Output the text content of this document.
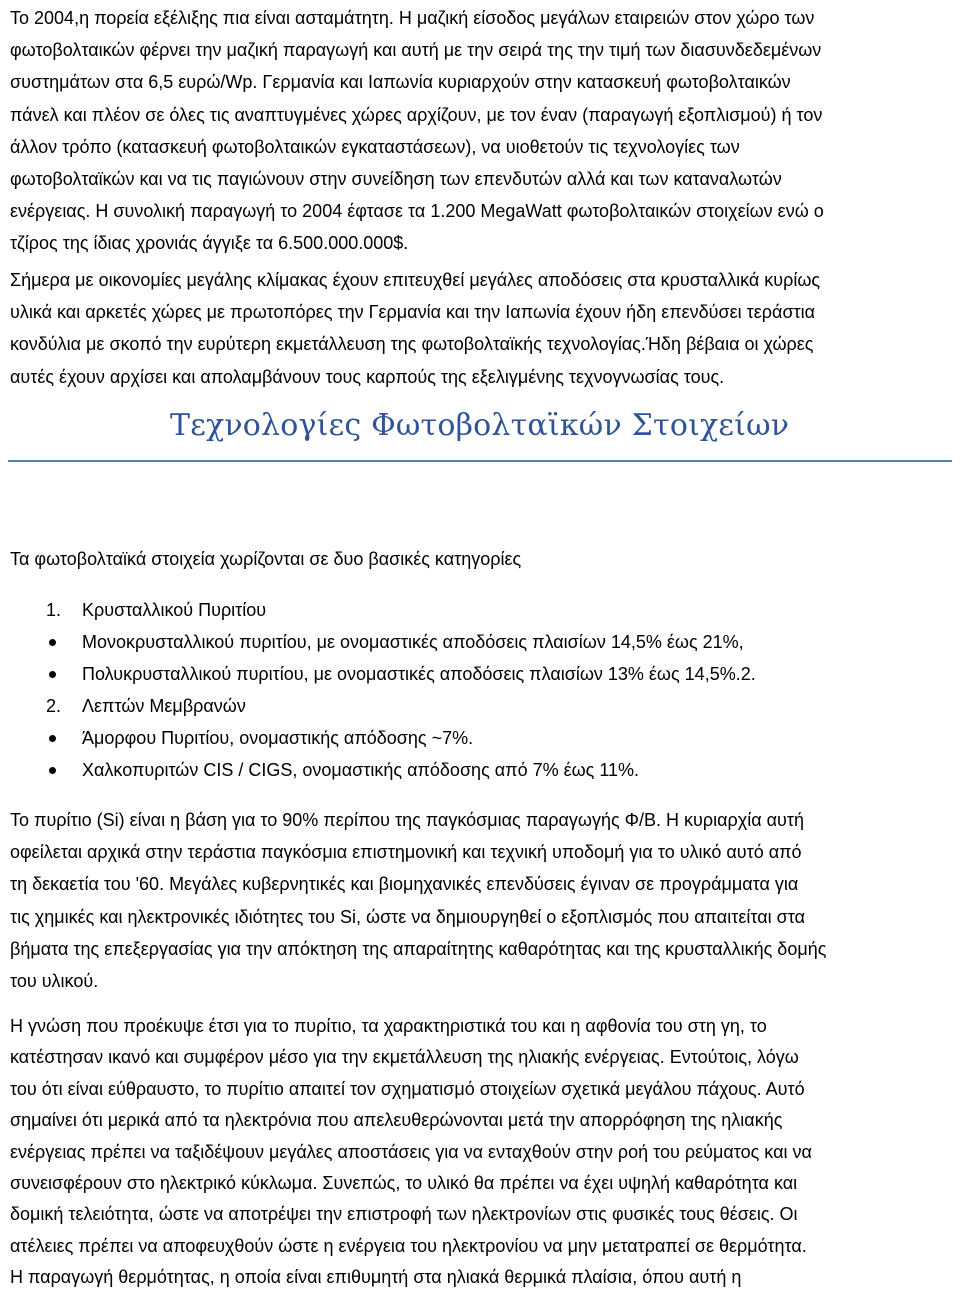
Το 2004,η πορεία εξέλιξης πια είναι ασταμάτητη. Η μαζική είσοδος μεγάλων εταιρειών στον χώρο των
φωτοβολταικών φέρνει την μαζική παραγωγή και αυτή με την σειρά της την τιμή των διασυνδεδεμένων
συστημάτων στα 6,5 ευρώ/Wp. Γερμανία και Ιαπωνία κυριαρχούν στην κατασκευή φωτοβολταικών
πάνελ και πλέον σε όλες τις αναπτυγμένες χώρες αρχίζουν, με τον έναν (παραγωγή εξοπλισμού) ή τον
άλλον τρόπο (κατασκευή φωτοβολταικών εγκαταστάσεων), να υιοθετούν τις τεχνολογίες των
φωτοβολταϊκών και να τις παγιώνουν στην συνείδηση των επενδυτών αλλά και των καταναλωτών
ενέργειας. Η συνολική παραγωγή το 2004 έφτασε τα 1.200 MegaWatt φωτοβολταικών στοιχείων ενώ ο
τζίρος της ίδιας χρονιάς άγγιξε τα 6.500.000.000$.

Σήμερα με οικονομίες μεγάλης κλίμακας έχουν επιτευχθεί μεγάλες αποδόσεις στα κρυσταλλικά κυρίως
υλικά και αρκετές χώρες με πρωτοπόρες την Γερμανία και την Ιαπωνία έχουν ήδη επενδύσει τεράστια
κονδύλια με σκοπό την ευρύτερη εκμετάλλευση της φωτοβολταϊκής τεχνολογίας.Ήδη βέβαια οι χώρες
αυτές έχουν αρχίσει και απολαμβάνουν τους καρπούς της εξελιγμένης τεχνογνωσίας τους.

Τεχνολογίες Φωτοβολταϊκών Στοιχείων

Τα φωτοβολταϊκά στοιχεία χωρίζονται σε δυο βασικές κατηγορίες

1. Κρυσταλλικού Πυριτίου
Μονοκρυσταλλικού πυριτίου, με ονομαστικές αποδόσεις πλαισίων 14,5% έως 21%,
Πολυκρυσταλλικού πυριτίου, με ονομαστικές αποδόσεις πλαισίων 13% έως 14,5%.2.
2. Λεπτών Μεμβρανών
Άμορφου Πυριτίου, ονομαστικής απόδοσης ~7%.
Χαλκοπυριτών CIS / CIGS, ονομαστικής απόδοσης από 7% έως 11%.

Το πυρίτιο (Si) είναι η βάση για το 90% περίπου της παγκόσμιας παραγωγής Φ/Β. Η κυριαρχία αυτή
οφείλεται αρχικά στην τεράστια παγκόσμια επιστημονική και τεχνική υποδομή για το υλικό αυτό από
τη δεκαετία του '60. Μεγάλες κυβερνητικές και βιομηχανικές επενδύσεις έγιναν σε προγράμματα για
τις χημικές και ηλεκτρονικές ιδιότητες του Si, ώστε να δημιουργηθεί ο εξοπλισμός που απαιτείται στα
βήματα της επεξεργασίας για την απόκτηση της απαραίτητης καθαρότητας και της κρυσταλλικής δομής
του υλικού.

Η γνώση που προέκυψε έτσι για το πυρίτιο, τα χαρακτηριστικά του και η αφθονία του στη γη, το
κατέστησαν ικανό και συμφέρον μέσο για την εκμετάλλευση της ηλιακής ενέργειας. Εντούτοις, λόγω
του ότι είναι εύθραυστο, το πυρίτιο απαιτεί τον σχηματισμό στοιχείων σχετικά μεγάλου πάχους. Αυτό
σημαίνει ότι μερικά από τα ηλεκτρόνια που απελευθερώνονται μετά την απορρόφηση της ηλιακής
ενέργειας πρέπει να ταξιδέψουν μεγάλες αποστάσεις για να ενταχθούν στην ροή του ρεύματος και να
συνεισφέρουν στο ηλεκτρικό κύκλωμα. Συνεπώς, το υλικό θα πρέπει να έχει υψηλή καθαρότητα και
δομική τελειότητα, ώστε να αποτρέψει την επιστροφή των ηλεκτρονίων στις φυσικές τους θέσεις. Οι
ατέλειες πρέπει να αποφευχθούν ώστε η ενέργεια του ηλεκτρονίου να μην μετατραπεί σε θερμότητα.
Η παραγωγή θερμότητας, η οποία είναι επιθυμητή στα ηλιακά θερμικά πλαίσια, όπου αυτή η
